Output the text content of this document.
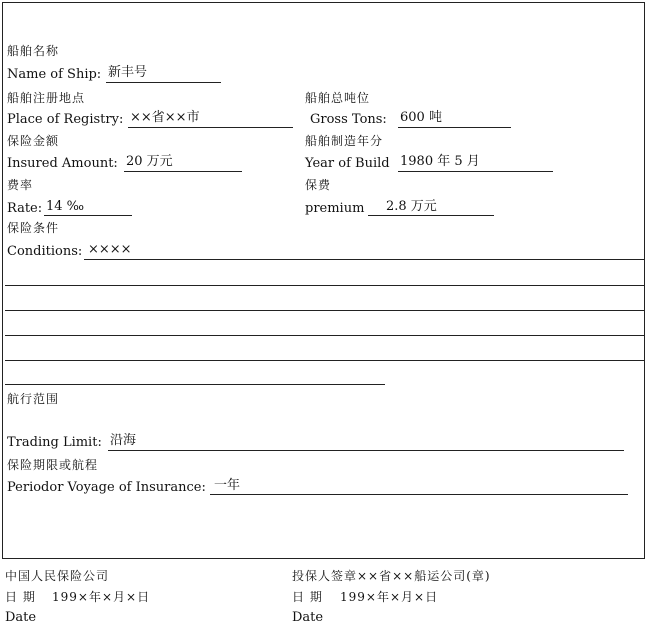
船舶名称
Name of Ship: 新丰号
船舶注册地点	船舶总吨位
Place of Registry: ××省××市	Gross Tons: 600 吨
保险金额	船舶制造年分
Insured Amount: 20 万元	Year of Build 1980 年 5 月
费率	保费
Rate: 14 ‰	premium 2.8 万元
保险条件
Conditions: ××××
航行范围
Trading Limit: 沿海
保险期限或航程
Periodor Voyage of Insurance: 一年
中国人民保险公司
日 期 199×年×月×日
Date
投保人签章××省××船运公司(章)
日 期 199×年×月×日
Date
